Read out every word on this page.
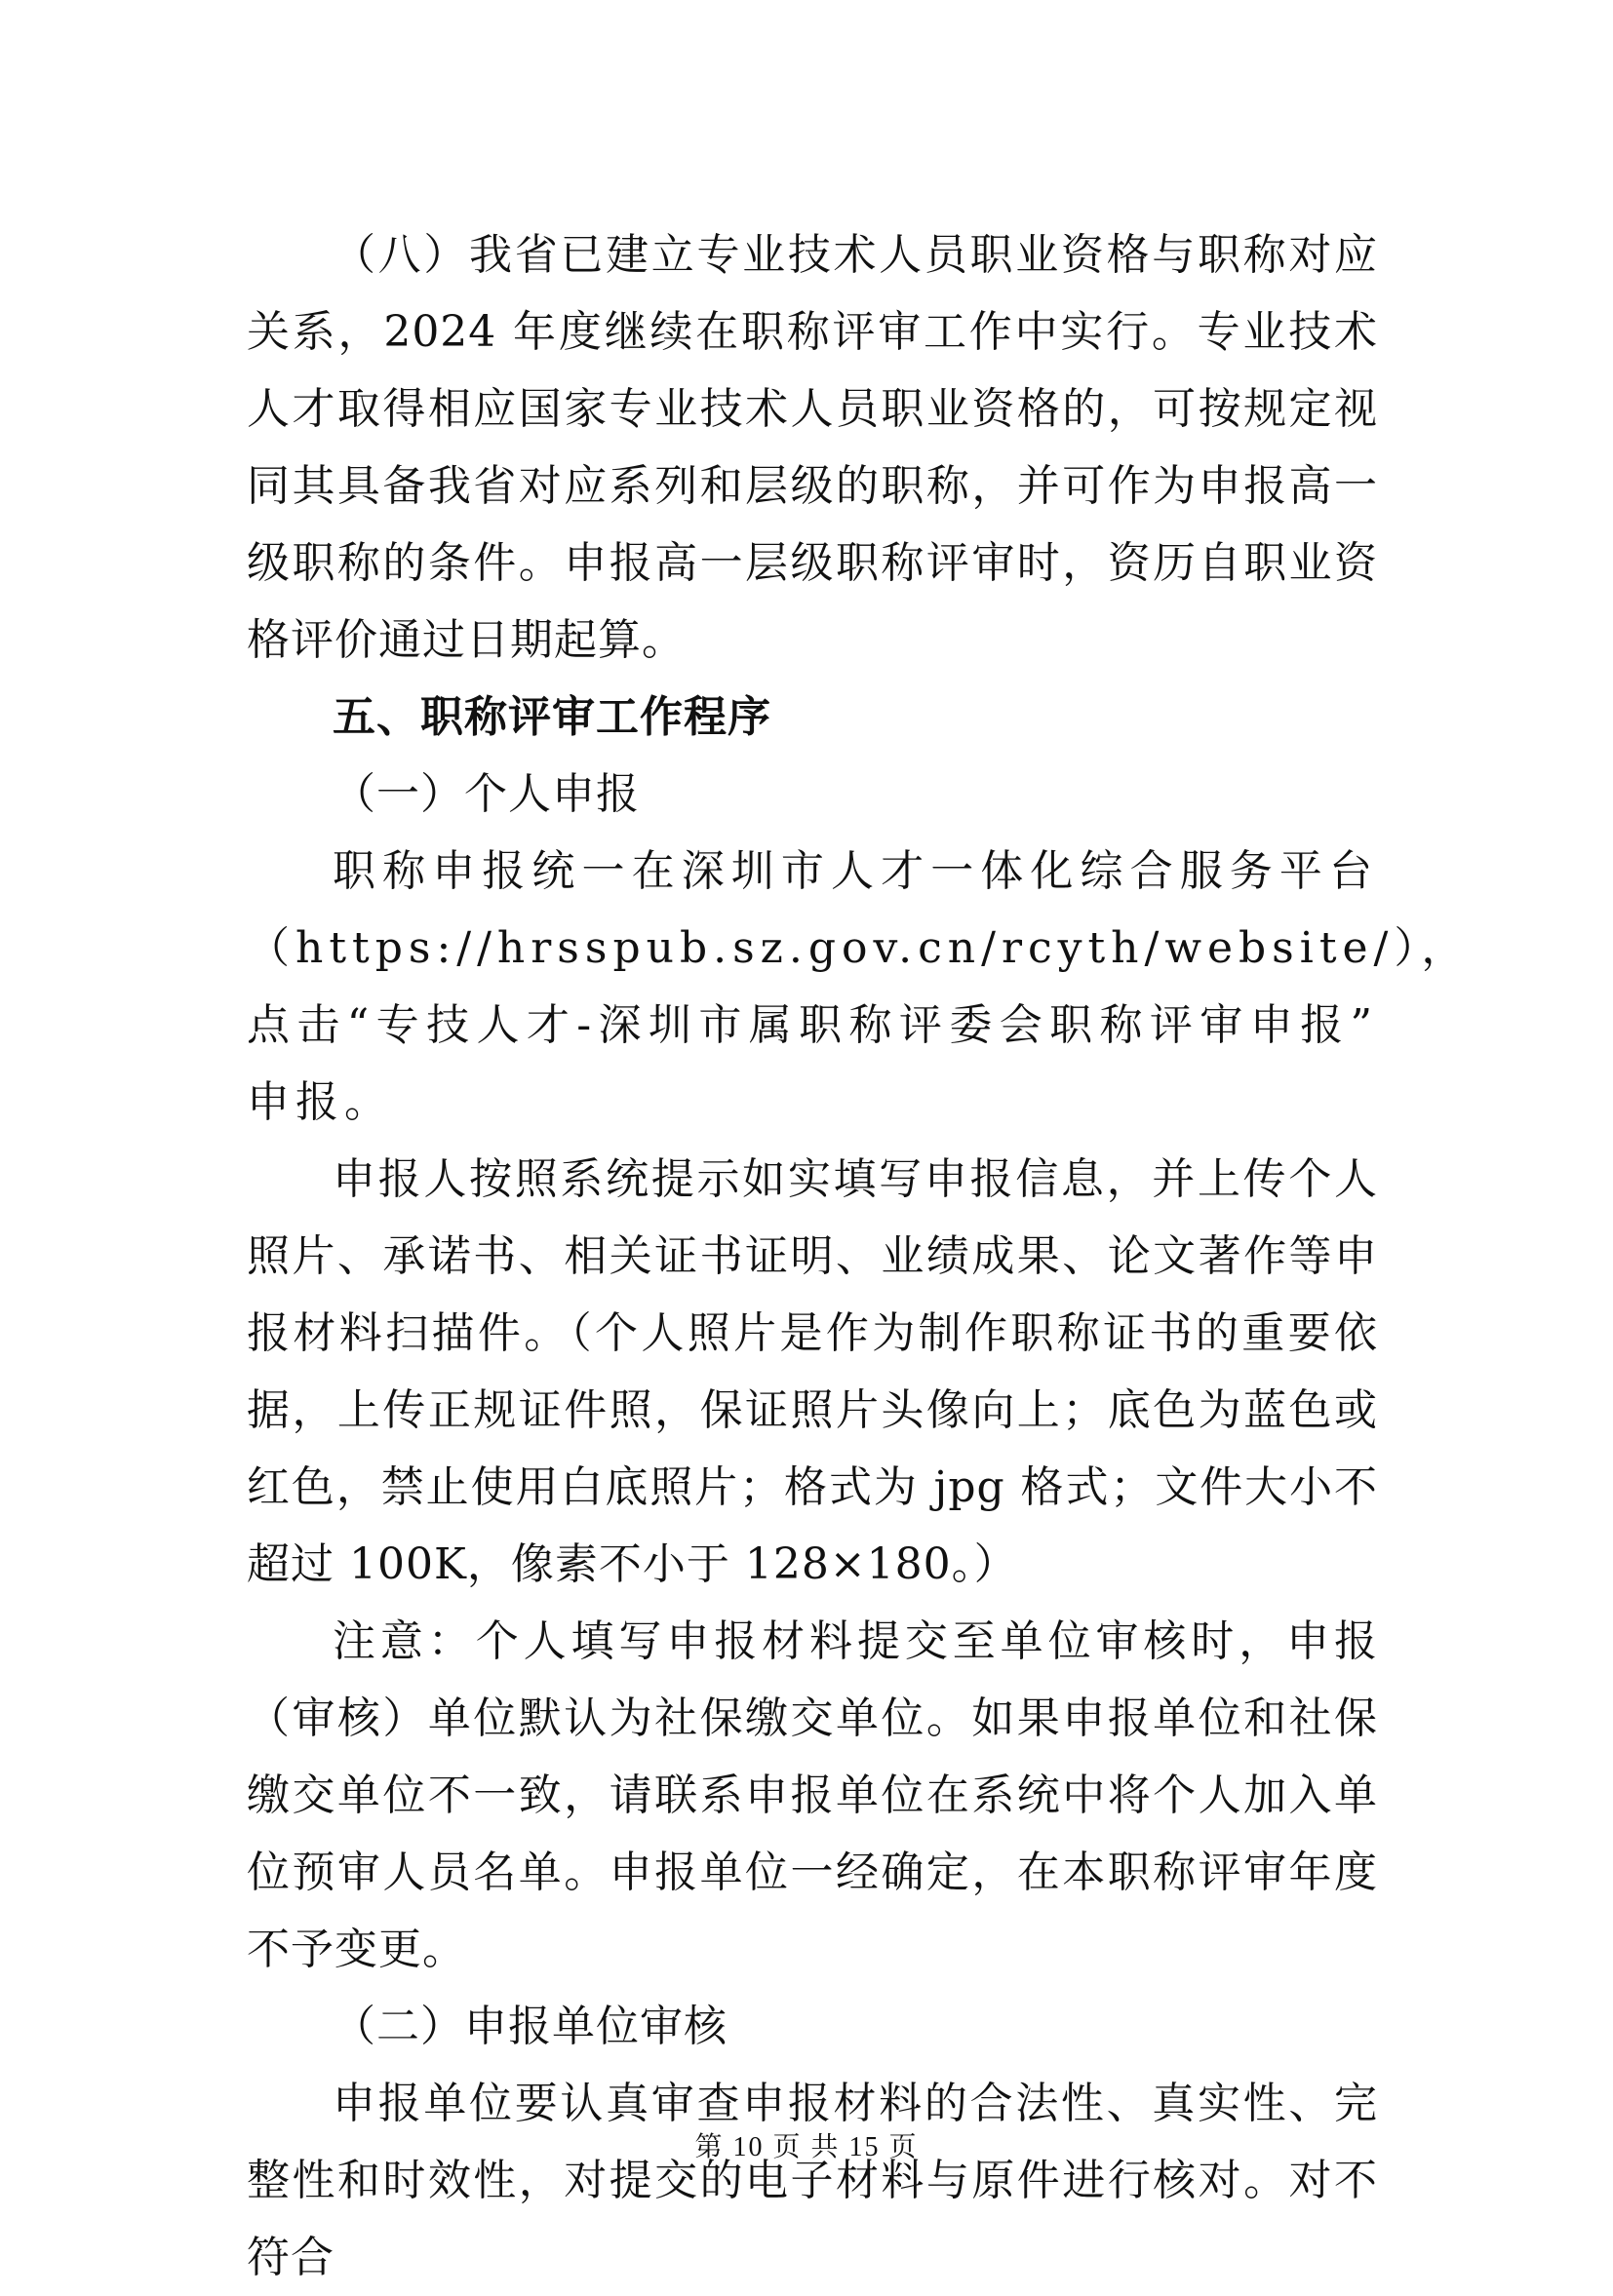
（八）我省已建立专业技术人员职业资格与职称对应关系，2024 年度继续在职称评审工作中实行。专业技术人才取得相应国家专业技术人员职业资格的，可按规定视同其具备我省对应系列和层级的职称，并可作为申报高一级职称的条件。申报高一层级职称评审时，资历自职业资格评价通过日期起算。

五、职称评审工作程序

（一）个人申报

职称申报统一在深圳市人才一体化综合服务平台（https://hrsspub.sz.gov.cn/rcyth/website/），点击“专技人才-深圳市属职称评委会职称评审申报” 申报。

申报人按照系统提示如实填写申报信息，并上传个人照片、承诺书、相关证书证明、业绩成果、论文著作等申报材料扫描件。（个人照片是作为制作职称证书的重要依据，上传正规证件照，保证照片头像向上；底色为蓝色或红色，禁止使用白底照片；格式为 jpg 格式；文件大小不超过 100K，像素不小于 128×180。）

注意：个人填写申报材料提交至单位审核时，申报（审核）单位默认为社保缴交单位。如果申报单位和社保缴交单位不一致，请联系申报单位在系统中将个人加入单位预审人员名单。申报单位一经确定，在本职称评审年度不予变更。

（二）申报单位审核

申报单位要认真审查申报材料的合法性、真实性、完整性和时效性，对提交的电子材料与原件进行核对。对不符合

第 10 页 共 15 页
